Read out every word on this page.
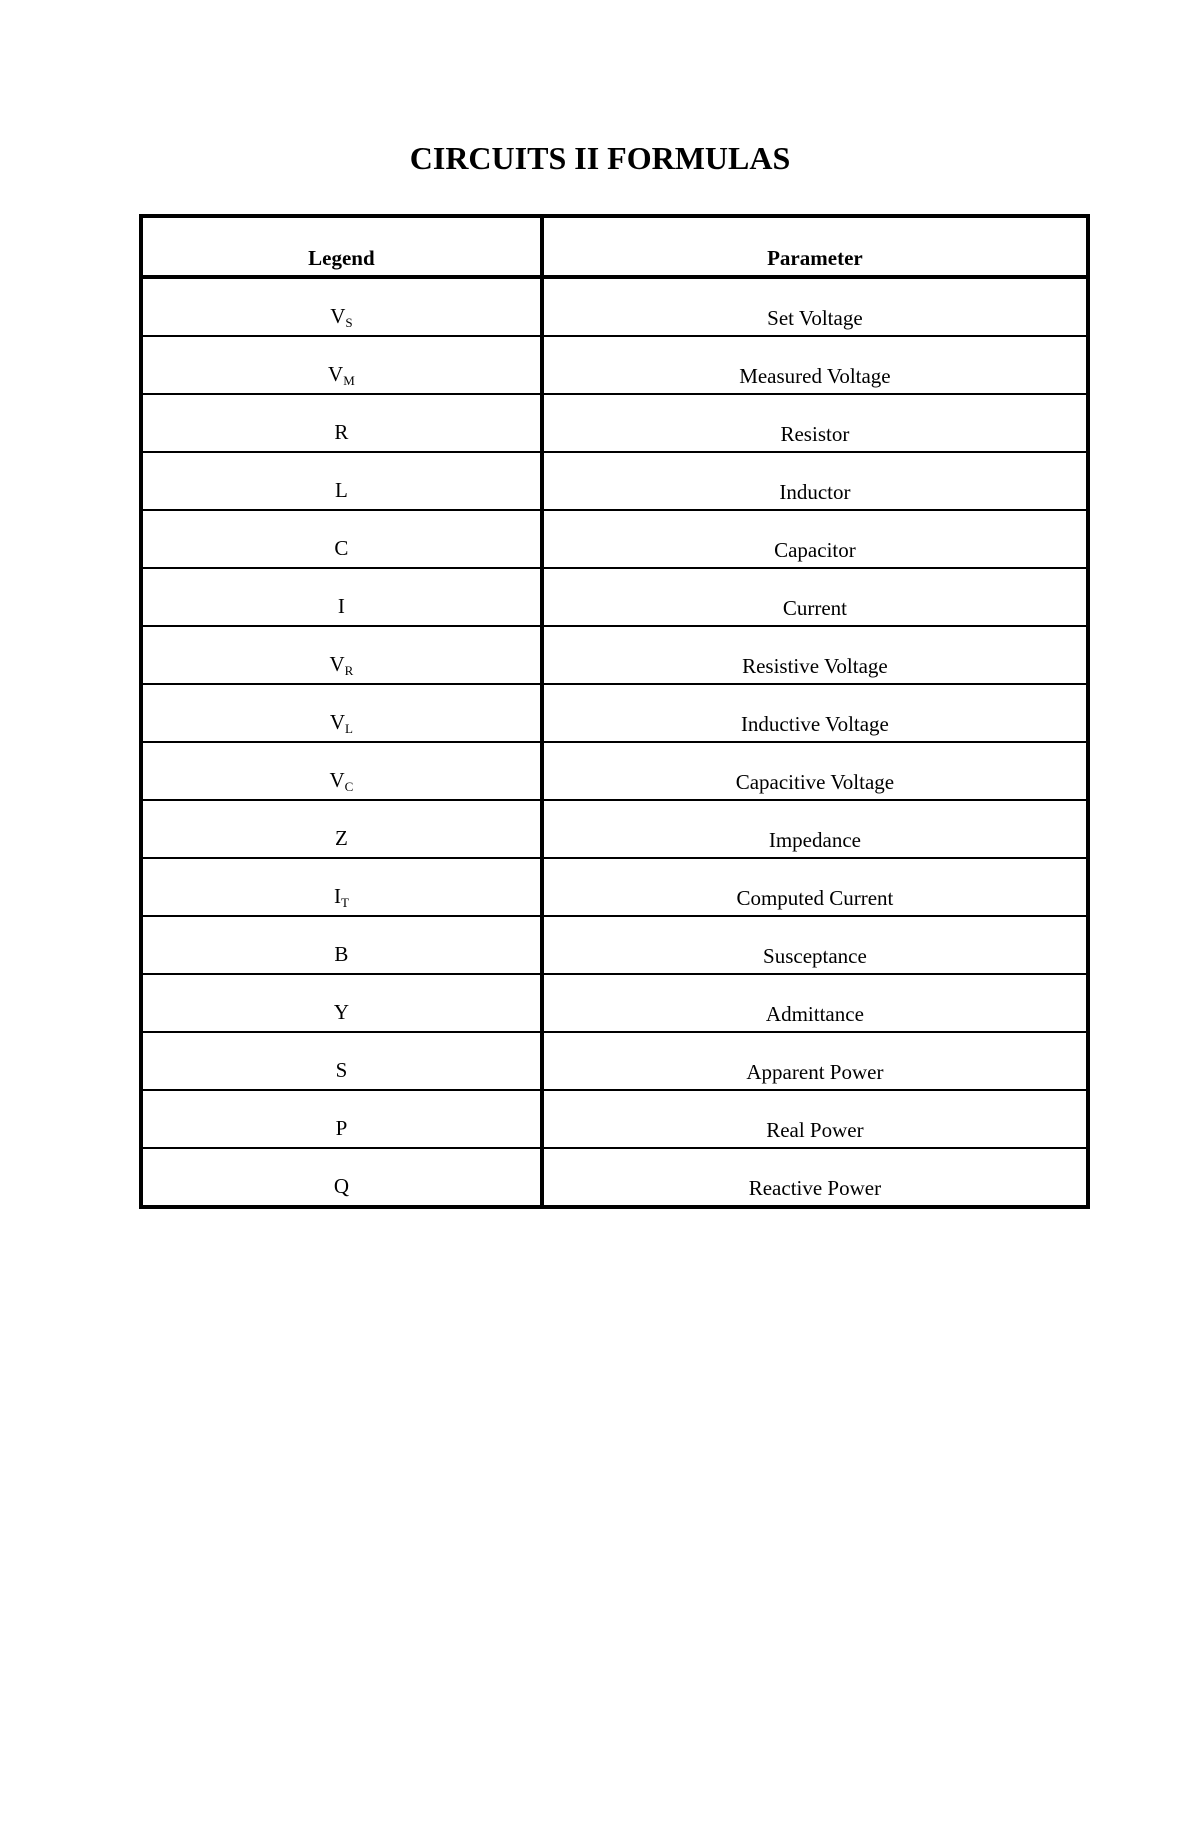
CIRCUITS II FORMULAS
Legend	Parameter
VS	Set Voltage
VM	Measured Voltage
R	Resistor
L	Inductor
C	Capacitor
I	Current
VR	Resistive Voltage
VL	Inductive Voltage
VC	Capacitive Voltage
Z	Impedance
IT	Computed Current
B	Susceptance
Y	Admittance
S	Apparent Power
P	Real Power
Q	Reactive Power
